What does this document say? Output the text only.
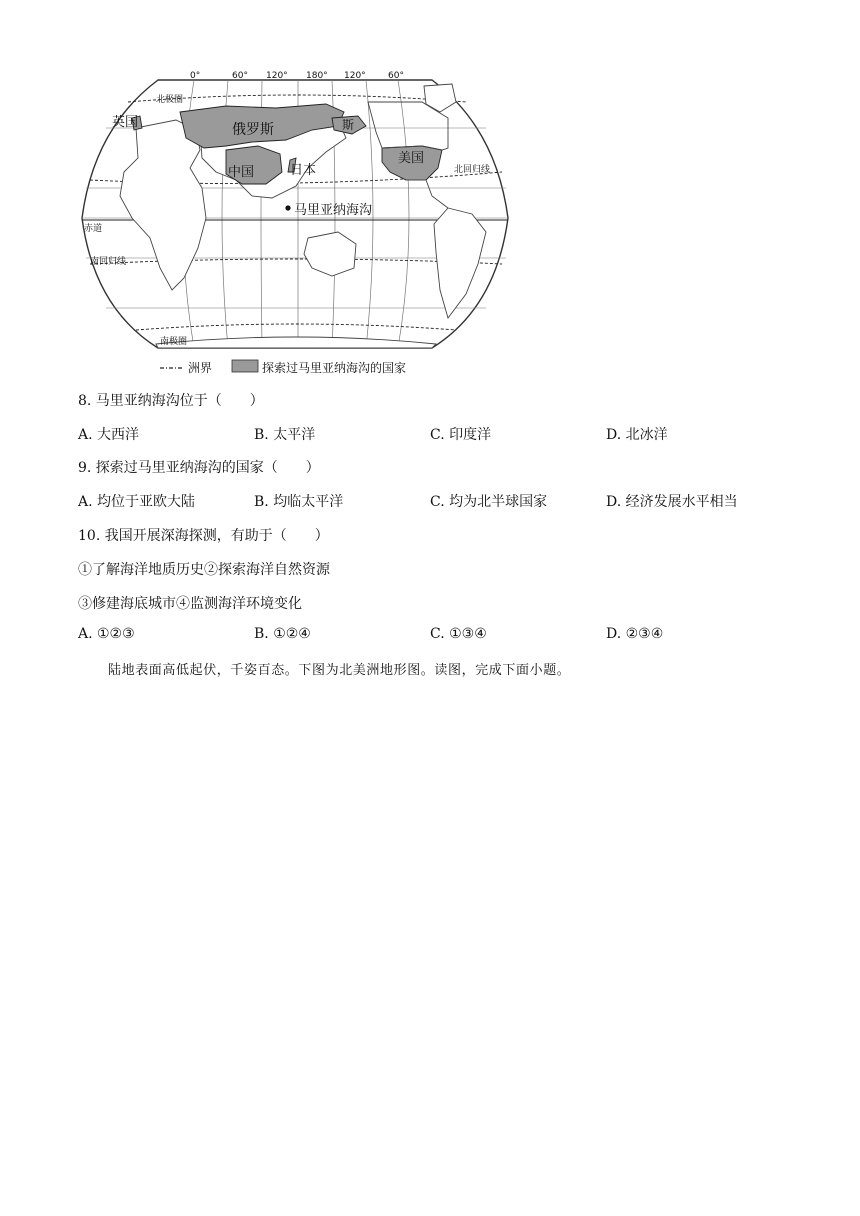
0°	60° 120° 180° 120° 60°
北极圈
北回归线
赤道
南回归线
南极圈
英国	俄罗斯	斯
中国	日本
美国
马里亚纳海沟
洲界	探索过马里亚纳海沟的国家
8. 马里亚纳海沟位于（　　）
A. 大西洋	B. 太平洋	C. 印度洋	D. 北冰洋
9. 探索过马里亚纳海沟的国家（　　）
A. 均位于亚欧大陆	B. 均临太平洋	C. 均为北半球国家	D. 经济发展水平相当
10. 我国开展深海探测，有助于（　　）
①了解海洋地质历史②探索海洋自然资源
③修建海底城市④监测海洋环境变化
A. ①②③	B. ①②④	C. ①③④	D. ②③④
陆地表面高低起伏，千姿百态。下图为北美洲地形图。读图，完成下面小题。
